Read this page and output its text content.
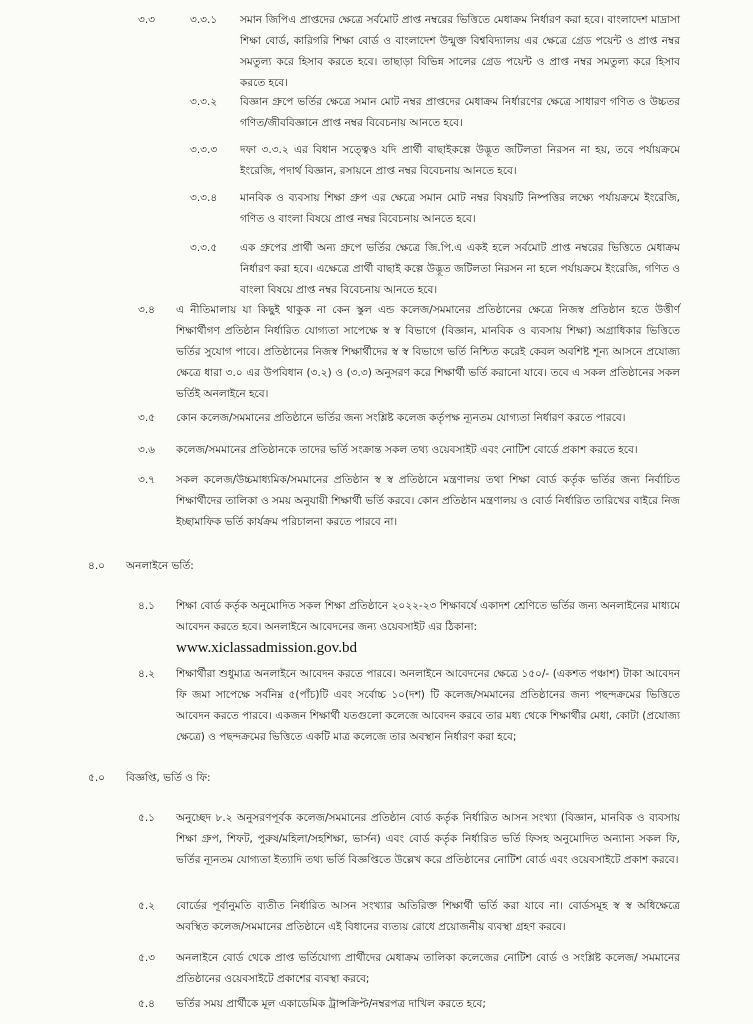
৩.৩	৩.৩.১ সমান জিপিএ প্রাপ্তদের ক্ষেত্রে সর্বমোট প্রাপ্ত নম্বরের ভিত্তিতে মেধাক্রম নির্ধারণ করা হবে। বাংলাদেশ মাদ্রাসা শিক্ষা বোর্ড, কারিগরি শিক্ষা বোর্ড ও বাংলাদেশ উন্মুক্ত বিশ্ববিদ্যালয় এর ক্ষেত্রে গ্রেড পয়েন্ট ও প্রাপ্ত নম্বর সমতুল্য করে হিসাব করতে হবে। তাছাড়া বিভিন্ন সালের গ্রেড পয়েন্ট ও প্রাপ্ত নম্বর সমতুল্য করে হিসাব করতে হবে।
৩.৩.২ বিজ্ঞান গ্রুপে ভর্তির ক্ষেত্রে সমান মোট নম্বর প্রাপ্তদের মেধাক্রম নির্ধারণের ক্ষেত্রে সাধারণ গণিত ও উচ্চতর গণিত/জীববিজ্ঞানে প্রাপ্ত নম্বর বিবেচনায় আনতে হবে।
৩.৩.৩ দফা ৩.৩.২ এর বিধান সত্ত্বেও যদি প্রার্থী বাছাইকল্পে উদ্ভূত জটিলতা নিরসন না হয়, তবে পর্যায়ক্রমে ইংরেজি, পদার্থ বিজ্ঞান, রসায়নে প্রাপ্ত নম্বর বিবেচনায় আনতে হবে।
৩.৩.৪ মানবিক ও ব্যবসায় শিক্ষা গ্রুপ এর ক্ষেত্রে সমান মোট নম্বর বিষয়টি নিষ্পত্তির লক্ষ্যে পর্যায়ক্রমে ইংরেজি, গণিত ও বাংলা বিষয়ে প্রাপ্ত নম্বর বিবেচনায় আনতে হবে।
৩.৩.৫ এক গ্রুপের প্রার্থী অন্য গ্রুপে ভর্তির ক্ষেত্রে জি.পি.এ একই হলে সর্বমোট প্রাপ্ত নম্বরের ভিত্তিতে মেধাক্রম নির্ধারণ করা হবে। এক্ষেত্রে প্রার্থী বাছাই কল্পে উদ্ভূত জটিলতা নিরসন না হলে পর্যায়ক্রমে ইংরেজি, গণিত ও বাংলা বিষয়ে প্রাপ্ত নম্বর বিবেচনায় আনতে হবে।
৩.৪ এ নীতিমালায় যা কিছুই থাকুক না কেন স্কুল এন্ড কলেজ/সমমানের প্রতিষ্ঠানের ক্ষেত্রে নিজস্ব প্রতিষ্ঠান হতে উত্তীর্ণ শিক্ষার্থীগণ প্রতিষ্ঠান নির্ধারিত যোগ্যতা সাপেক্ষে স্ব স্ব বিভাগে (বিজ্ঞান, মানবিক ও ব্যবসায় শিক্ষা) অগ্রাধিকার ভিত্তিতে ভর্তির সুযোগ পাবে। প্রতিষ্ঠানের নিজস্ব শিক্ষার্থীদের স্ব স্ব বিভাগে ভর্তি নিশ্চিত করেই কেবল অবশিষ্ট শূন্য আসনে প্রযোজ্য ক্ষেত্রে ধারা ৩.০ এর উপবিধান (৩.২) ও (৩.৩) অনুসরণ করে শিক্ষার্থী ভর্তি করানো যাবে। তবে এ সকল প্রতিষ্ঠানের সকল ভর্তিই অনলাইনে হবে।
৩.৫ কোন কলেজ/সমমানের প্রতিষ্ঠানে ভর্তির জন্য সংশ্লিষ্ট কলেজ কর্তৃপক্ষ ন্যূনতম যোগ্যতা নির্ধারণ করতে পারবে।
৩.৬ কলেজ/সমমানের প্রতিষ্ঠানকে তাদের ভর্তি সংক্রান্ত সকল তথ্য ওয়েবসাইট এবং নোটিশ বোর্ডে প্রকাশ করতে হবে।
৩.৭ সকল কলেজ/উচ্চমাধ্যমিক/সমমানের প্রতিষ্ঠান স্ব স্ব প্রতিষ্ঠানে মন্ত্রণালয় তথা শিক্ষা বোর্ড কর্তৃক ভর্তির জন্য নির্বাচিত শিক্ষার্থীদের তালিকা ও সময় অনুযায়ী শিক্ষার্থী ভর্তি করবে। কোন প্রতিষ্ঠান মন্ত্রণালয় ও বোর্ড নির্ধারিত তারিখের বাইরে নিজ ইচ্ছামাফিক ভর্তি কার্যক্রম পরিচালনা করতে পারবে না।
৪.০ অনলাইনে ভর্তি:
৪.১ শিক্ষা বোর্ড কর্তৃক অনুমোদিত সকল শিক্ষা প্রতিষ্ঠানে ২০২২-২৩ শিক্ষাবর্ষে একাদশ শ্রেণিতে ভর্তির জন্য অনলাইনের মাধ্যমে আবেদন করতে হবে। অনলাইনে আবেদনের জন্য ওয়েবসাইট এর ঠিকানা:
www.xiclassadmission.gov.bd
৪.২ শিক্ষার্থীরা শুধুমাত্র অনলাইনে আবেদন করতে পারবে। অনলাইনে আবেদনের ক্ষেত্রে ১৫০/- (একশত পঞ্চাশ) টাকা আবেদন ফি জমা সাপেক্ষে সর্বনিম্ন ৫(পাঁচ)টি এবং সর্বোচ্চ ১০(দশ) টি কলেজ/সমমানের প্রতিষ্ঠানের জন্য পছন্দক্রমের ভিত্তিতে আবেদন করতে পারবে। একজন শিক্ষার্থী যতগুলো কলেজে আবেদন করবে তার মধ্য থেকে শিক্ষার্থীর মেধা, কোটা (প্রযোজ্য ক্ষেত্রে) ও পছন্দক্রমের ভিত্তিতে একটি মাত্র কলেজে তার অবস্থান নির্ধারণ করা হবে;
৫.০ বিজ্ঞপ্তি, ভর্তি ও ফি:
৫.১ অনুচ্ছেদ ৮.২ অনুসরণপূর্বক কলেজ/সমমানের প্রতিষ্ঠান বোর্ড কর্তৃক নির্ধারিত আসন সংখ্যা (বিজ্ঞান, মানবিক ও ব্যবসায় শিক্ষা গ্রুপ, শিফট, পুরুষ/মহিলা/সহশিক্ষা, ভার্সন) এবং বোর্ড কর্তৃক নির্ধারিত ভর্তি ফিসহ অনুমোদিত অন্যান্য সকল ফি, ভর্তির ন্যূনতম যোগ্যতা ইত্যাদি তথ্য ভর্তি বিজ্ঞপ্তিতে উল্লেখ করে প্রতিষ্ঠানের নোটিশ বোর্ড এবং ওয়েবসাইটে প্রকাশ করবে।
৫.২ বোর্ডের পূর্বানুমতি ব্যতীত নির্ধারিত আসন সংখ্যার অতিরিক্ত শিক্ষার্থী ভর্তি করা যাবে না। বোর্ডসমূহ স্ব স্ব অধিক্ষেত্রে অবস্থিত কলেজ/সমমানের প্রতিষ্ঠানে এই বিধানের ব্যত্যয় রোধে প্রয়োজনীয় ব্যবস্থা গ্রহণ করবে।
৫.৩ অনলাইনে বোর্ড থেকে প্রাপ্ত ভর্তিযোগ্য প্রার্থীদের মেধাক্রম তালিকা কলেজের নোটিশ বোর্ড ও সংশ্লিষ্ট কলেজ/ সমমানের প্রতিষ্ঠানের ওয়েবসাইটে প্রকাশের ব্যবস্থা করবে;
৫.৪ ভর্তির সময় প্রার্থীকে মূল একাডেমিক ট্রান্সক্রিপ্ট/নম্বরপত্র দাখিল করতে হবে;
